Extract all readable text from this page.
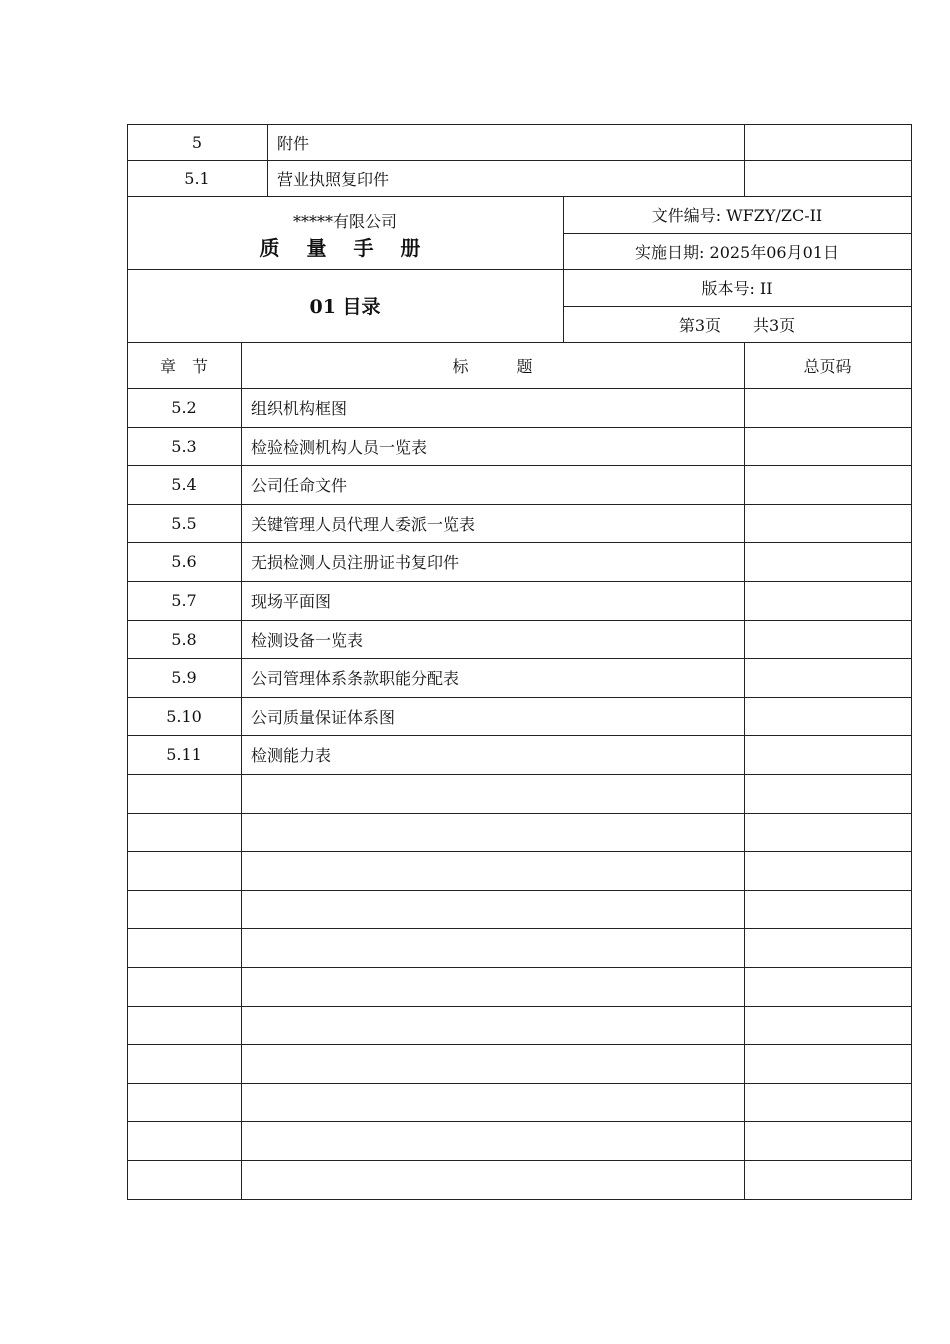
5	附件
5.1	营业执照复印件
*****有限公司
质 量 手 册
01 目录
文件编号: WFZY/ZC-II
实施日期: 2025年06月01日
版本号: II
第3页　　共3页
章　节	标　　　题	总页码
5.2	组织机构框图
5.3	检验检测机构人员一览表
5.4	公司任命文件
5.5	关键管理人员代理人委派一览表
5.6	无损检测人员注册证书复印件
5.7	现场平面图
5.8	检测设备一览表
5.9	公司管理体系条款职能分配表
5.10	公司质量保证体系图
5.11	检测能力表
